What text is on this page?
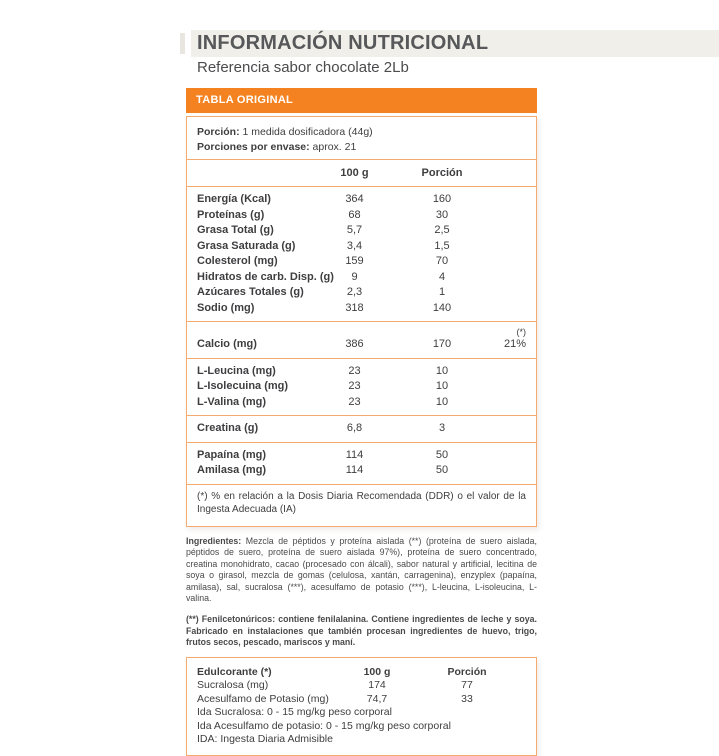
INFORMACIÓN NUTRICIONAL
Referencia sabor chocolate 2Lb
TABLA ORIGINAL
Porción: 1 medida dosificadora (44g)
Porciones por envase: aprox. 21
100 g	Porción
Energía (Kcal)	364	160
Proteínas (g)	68	30
Grasa Total (g)	5,7	2,5
Grasa Saturada (g)	3,4	1,5
Colesterol (mg)	159	70
Hidratos de carb. Disp. (g)	9	4
Azúcares Totales (g)	2,3	1
Sodio (mg)	318	140
(*)
Calcio (mg)	386	170	21%
L-Leucina (mg)	23	10
L-Isolecuina (mg)	23	10
L-Valina (mg)	23	10
Creatina (g)	6,8	3
Papaína (mg)	114	50
Amilasa (mg)	114	50
(*) % en relación a la Dosis Diaria Recomendada (DDR) o el valor de la Ingesta Adecuada (IA)

Ingredientes: Mezcla de péptidos y proteína aislada (**) (proteína de suero aislada, péptidos de suero, proteína de suero aislada 97%), proteína de suero concentrado, creatina monohidrato, cacao (procesado con álcali), sabor natural y artificial, lecitina de soya o girasol, mezcla de gomas (celulosa, xantán, carragenina), enzyplex (papaína, amilasa), sal, sucralosa (***), acesulfamo de potasio (***), L-leucina, L-isoleucina, L-valina.

(**) Fenilcetonúricos: contiene fenilalanina. Contiene ingredientes de leche y soya. Fabricado en instalaciones que también procesan ingredientes de huevo, trigo, frutos secos, pescado, mariscos y maní.

Edulcorante (*)	100 g	Porción
Sucralosa (mg)	174	77
Acesulfamo de Potasio (mg)	74,7	33
Ida Sucralosa: 0 - 15 mg/kg peso corporal
Ida Acesulfamo de potasio: 0 - 15 mg/kg peso corporal
IDA: Ingesta Diaria Admisible
